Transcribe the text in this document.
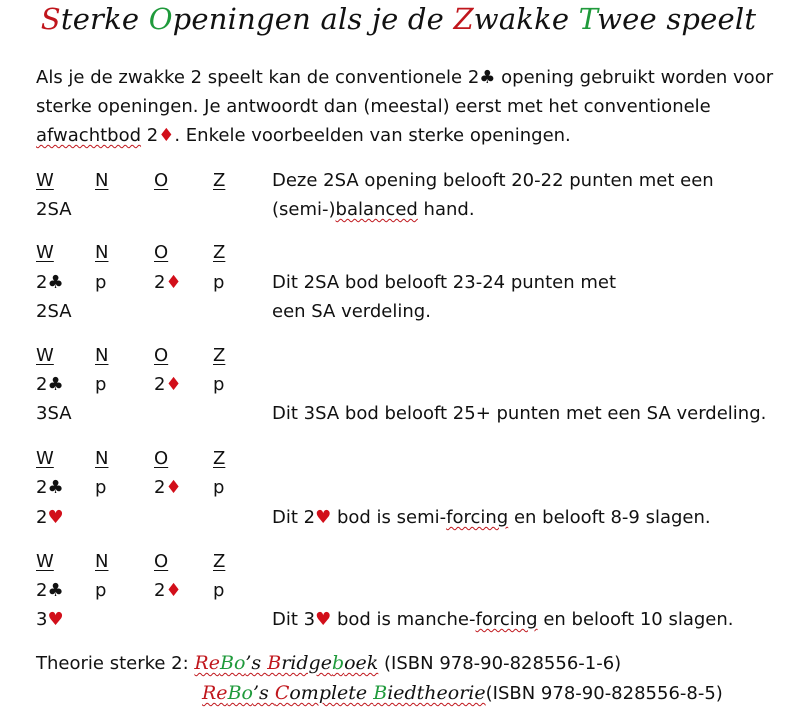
Sterke Openingen als je de Zwakke Twee speelt
Als je de zwakke 2 speelt kan de conventionele 2♣ opening gebruikt worden voor sterke openingen. Je antwoordt dan (meestal) eerst met het conventionele afwachtbod 2♦. Enkele voorbeelden van sterke openingen.
W N	O Z	Deze 2SA opening belooft 20-22 punten met een
2SA	(semi-)balanced hand.
W N	O Z
2♣ p	2♦ p	Dit 2SA bod belooft 23-24 punten met
2SA	een SA verdeling.
W N	O Z
2♣ p	2♦ p
3SA	Dit 3SA bod belooft 25+ punten met een SA verdeling.
W N	O Z
2♣ p	2♦ p
2♥	Dit 2♥ bod is semi-forcing en belooft 8-9 slagen.
W N	O Z
2♣ p	2♦ p
3♥	Dit 3♥ bod is manche-forcing en belooft 10 slagen.
Theorie sterke 2: ReBo’s Bridgeboek (ISBN 978-90-828556-1-6)
ReBo’s Complete Biedtheorie(ISBN 978-90-828556-8-5)
